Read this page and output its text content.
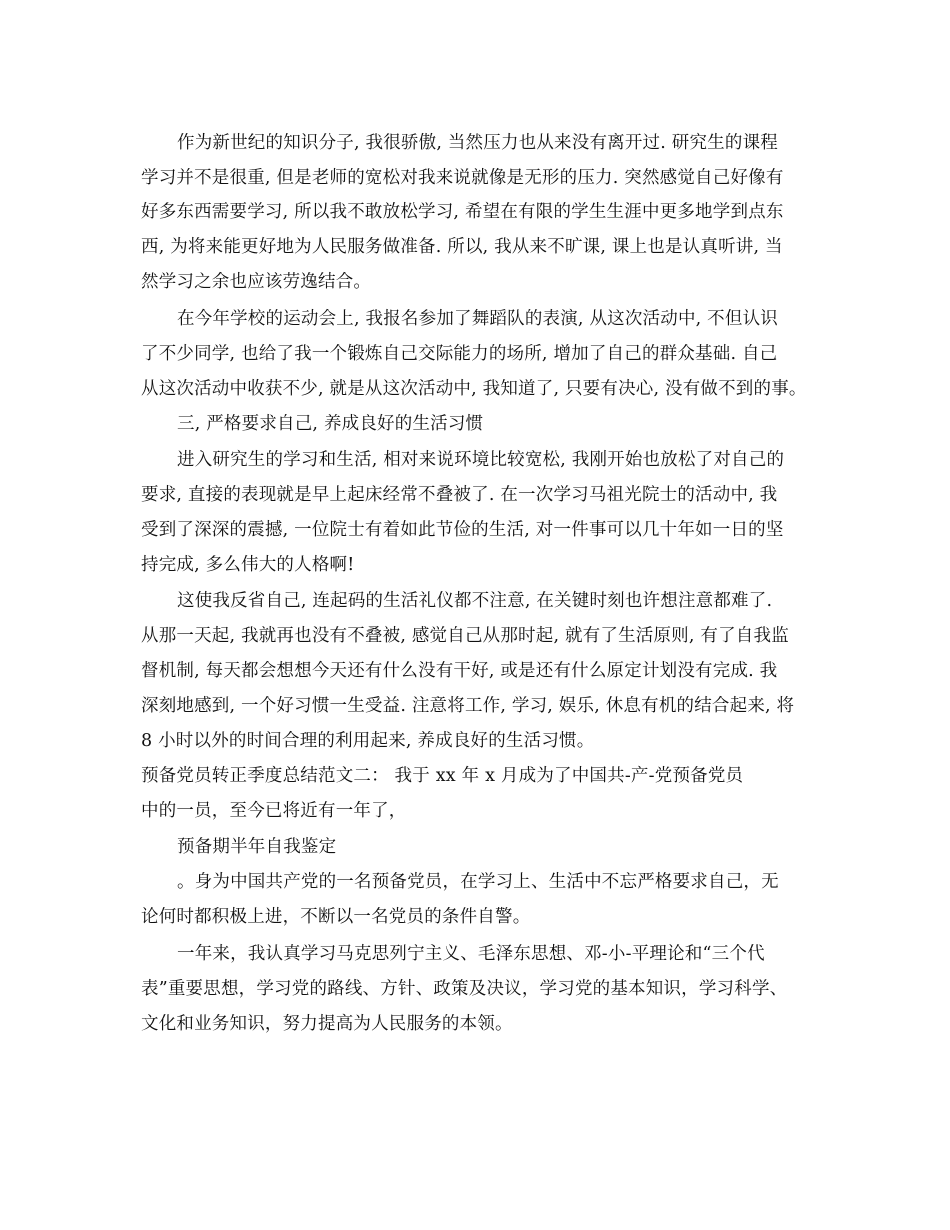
作为新世纪的知识分子, 我很骄傲, 当然压力也从来没有离开过. 研究生的课程
学习并不是很重, 但是老师的宽松对我来说就像是无形的压力. 突然感觉自己好像有
好多东西需要学习, 所以我不敢放松学习, 希望在有限的学生生涯中更多地学到点东
西, 为将来能更好地为人民服务做准备. 所以, 我从来不旷课, 课上也是认真听讲, 当
然学习之余也应该劳逸结合。
在今年学校的运动会上, 我报名参加了舞蹈队的表演, 从这次活动中, 不但认识
了不少同学, 也给了我一个锻炼自己交际能力的场所, 增加了自己的群众基础. 自己
从这次活动中收获不少, 就是从这次活动中, 我知道了, 只要有决心, 没有做不到的事。
三, 严格要求自己, 养成良好的生活习惯
进入研究生的学习和生活, 相对来说环境比较宽松, 我刚开始也放松了对自己的
要求, 直接的表现就是早上起床经常不叠被了. 在一次学习马祖光院士的活动中, 我
受到了深深的震撼, 一位院士有着如此节俭的生活, 对一件事可以几十年如一日的坚
持完成, 多么伟大的人格啊!
这使我反省自己, 连起码的生活礼仪都不注意, 在关键时刻也许想注意都难了.
从那一天起, 我就再也没有不叠被, 感觉自己从那时起, 就有了生活原则, 有了自我监
督机制, 每天都会想想今天还有什么没有干好, 或是还有什么原定计划没有完成. 我
深刻地感到, 一个好习惯一生受益. 注意将工作, 学习, 娱乐, 休息有机的结合起来, 将
8 小时以外的时间合理的利用起来, 养成良好的生活习惯。
预备党员转正季度总结范文二： 我于 xx 年 x 月成为了中国共-产-党预备党员
中的一员，至今已将近有一年了，
预备期半年自我鉴定
。身为中国共产党的一名预备党员，在学习上、生活中不忘严格要求自己，无
论何时都积极上进，不断以一名党员的条件自警。
一年来，我认真学习马克思列宁主义、毛泽东思想、邓-小-平理论和“三个代
表”重要思想，学习党的路线、方针、政策及决议，学习党的基本知识，学习科学、
文化和业务知识，努力提高为人民服务的本领。
